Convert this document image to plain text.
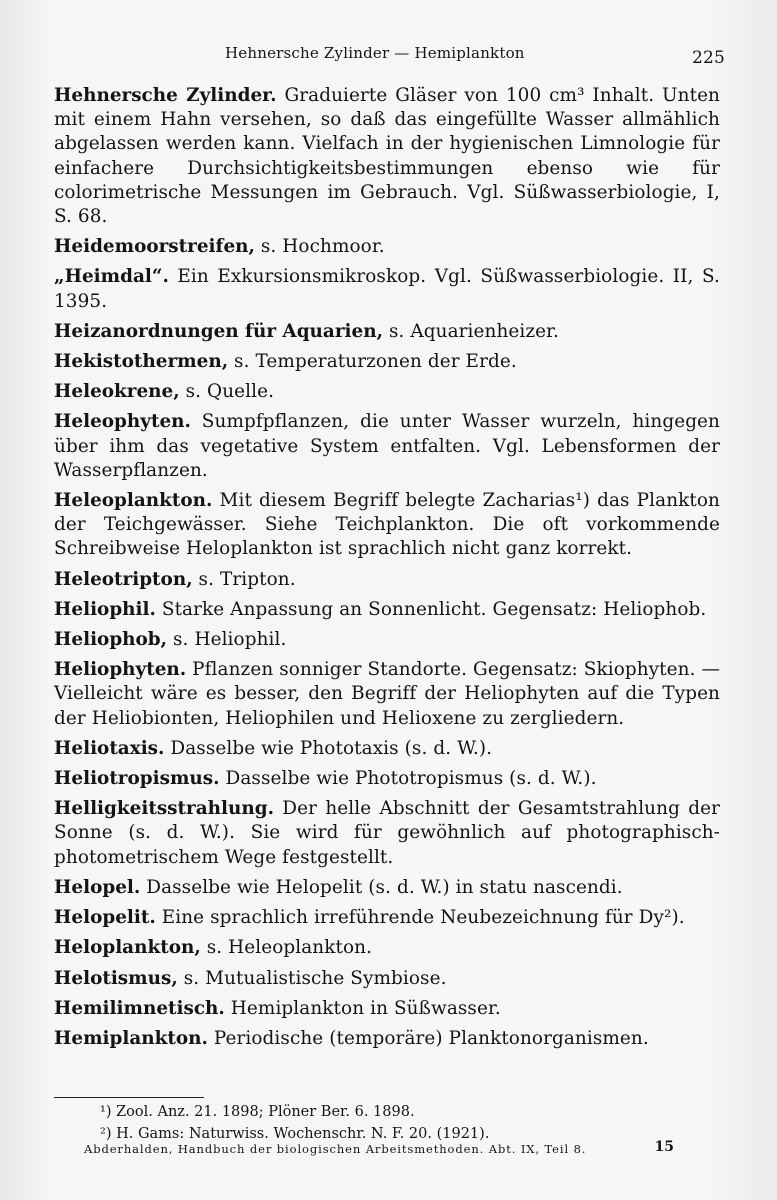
Hehnersche Zylinder — Hemiplankton	225

Hehnersche Zylinder. Graduierte Gläser von 100 cm³ Inhalt. Unten mit einem Hahn versehen, so daß das eingefüllte Wasser allmählich abgelassen werden kann. Vielfach in der hygienischen Limnologie für einfachere Durchsichtigkeitsbestimmungen ebenso wie für colorimetrische Messungen im Gebrauch. Vgl. Süßwasserbiologie, I, S. 68.

Heidemoorstreifen, s. Hochmoor.

„Heimdal“. Ein Exkursionsmikroskop. Vgl. Süßwasserbiologie. II, S. 1395.

Heizanordnungen für Aquarien, s. Aquarienheizer.

Hekistothermen, s. Temperaturzonen der Erde.

Heleokrene, s. Quelle.

Heleophyten. Sumpfpflanzen, die unter Wasser wurzeln, hingegen über ihm das vegetative System entfalten. Vgl. Lebensformen der Wasserpflanzen.

Heleoplankton. Mit diesem Begriff belegte Zacharias¹) das Plankton der Teichgewässer. Siehe Teichplankton. Die oft vorkommende Schreibweise Heloplankton ist sprachlich nicht ganz korrekt.

Heleotripton, s. Tripton.

Heliophil. Starke Anpassung an Sonnenlicht. Gegensatz: Heliophob.

Heliophob, s. Heliophil.

Heliophyten. Pflanzen sonniger Standorte. Gegensatz: Skiophyten. — Vielleicht wäre es besser, den Begriff der Heliophyten auf die Typen der Heliobionten, Heliophilen und Helioxene zu zergliedern.

Heliotaxis. Dasselbe wie Phototaxis (s. d. W.).

Heliotropismus. Dasselbe wie Phototropismus (s. d. W.).

Helligkeitsstrahlung. Der helle Abschnitt der Gesamtstrahlung der Sonne (s. d. W.). Sie wird für gewöhnlich auf photographisch-photometrischem Wege festgestellt.

Helopel. Dasselbe wie Helopelit (s. d. W.) in statu nascendi.

Helopelit. Eine sprachlich irreführende Neubezeichnung für Dy²).

Heloplankton, s. Heleoplankton.

Helotismus, s. Mutualistische Symbiose.

Hemilimnetisch. Hemiplankton in Süßwasser.

Hemiplankton. Periodische (temporäre) Planktonorganismen.

¹) Zool. Anz. 21. 1898; Plöner Ber. 6. 1898.
²) H. Gams: Naturwiss. Wochenschr. N. F. 20. (1921).
Abderhalden, Handbuch der biologischen Arbeitsmethoden. Abt. IX, Teil 8.	15
